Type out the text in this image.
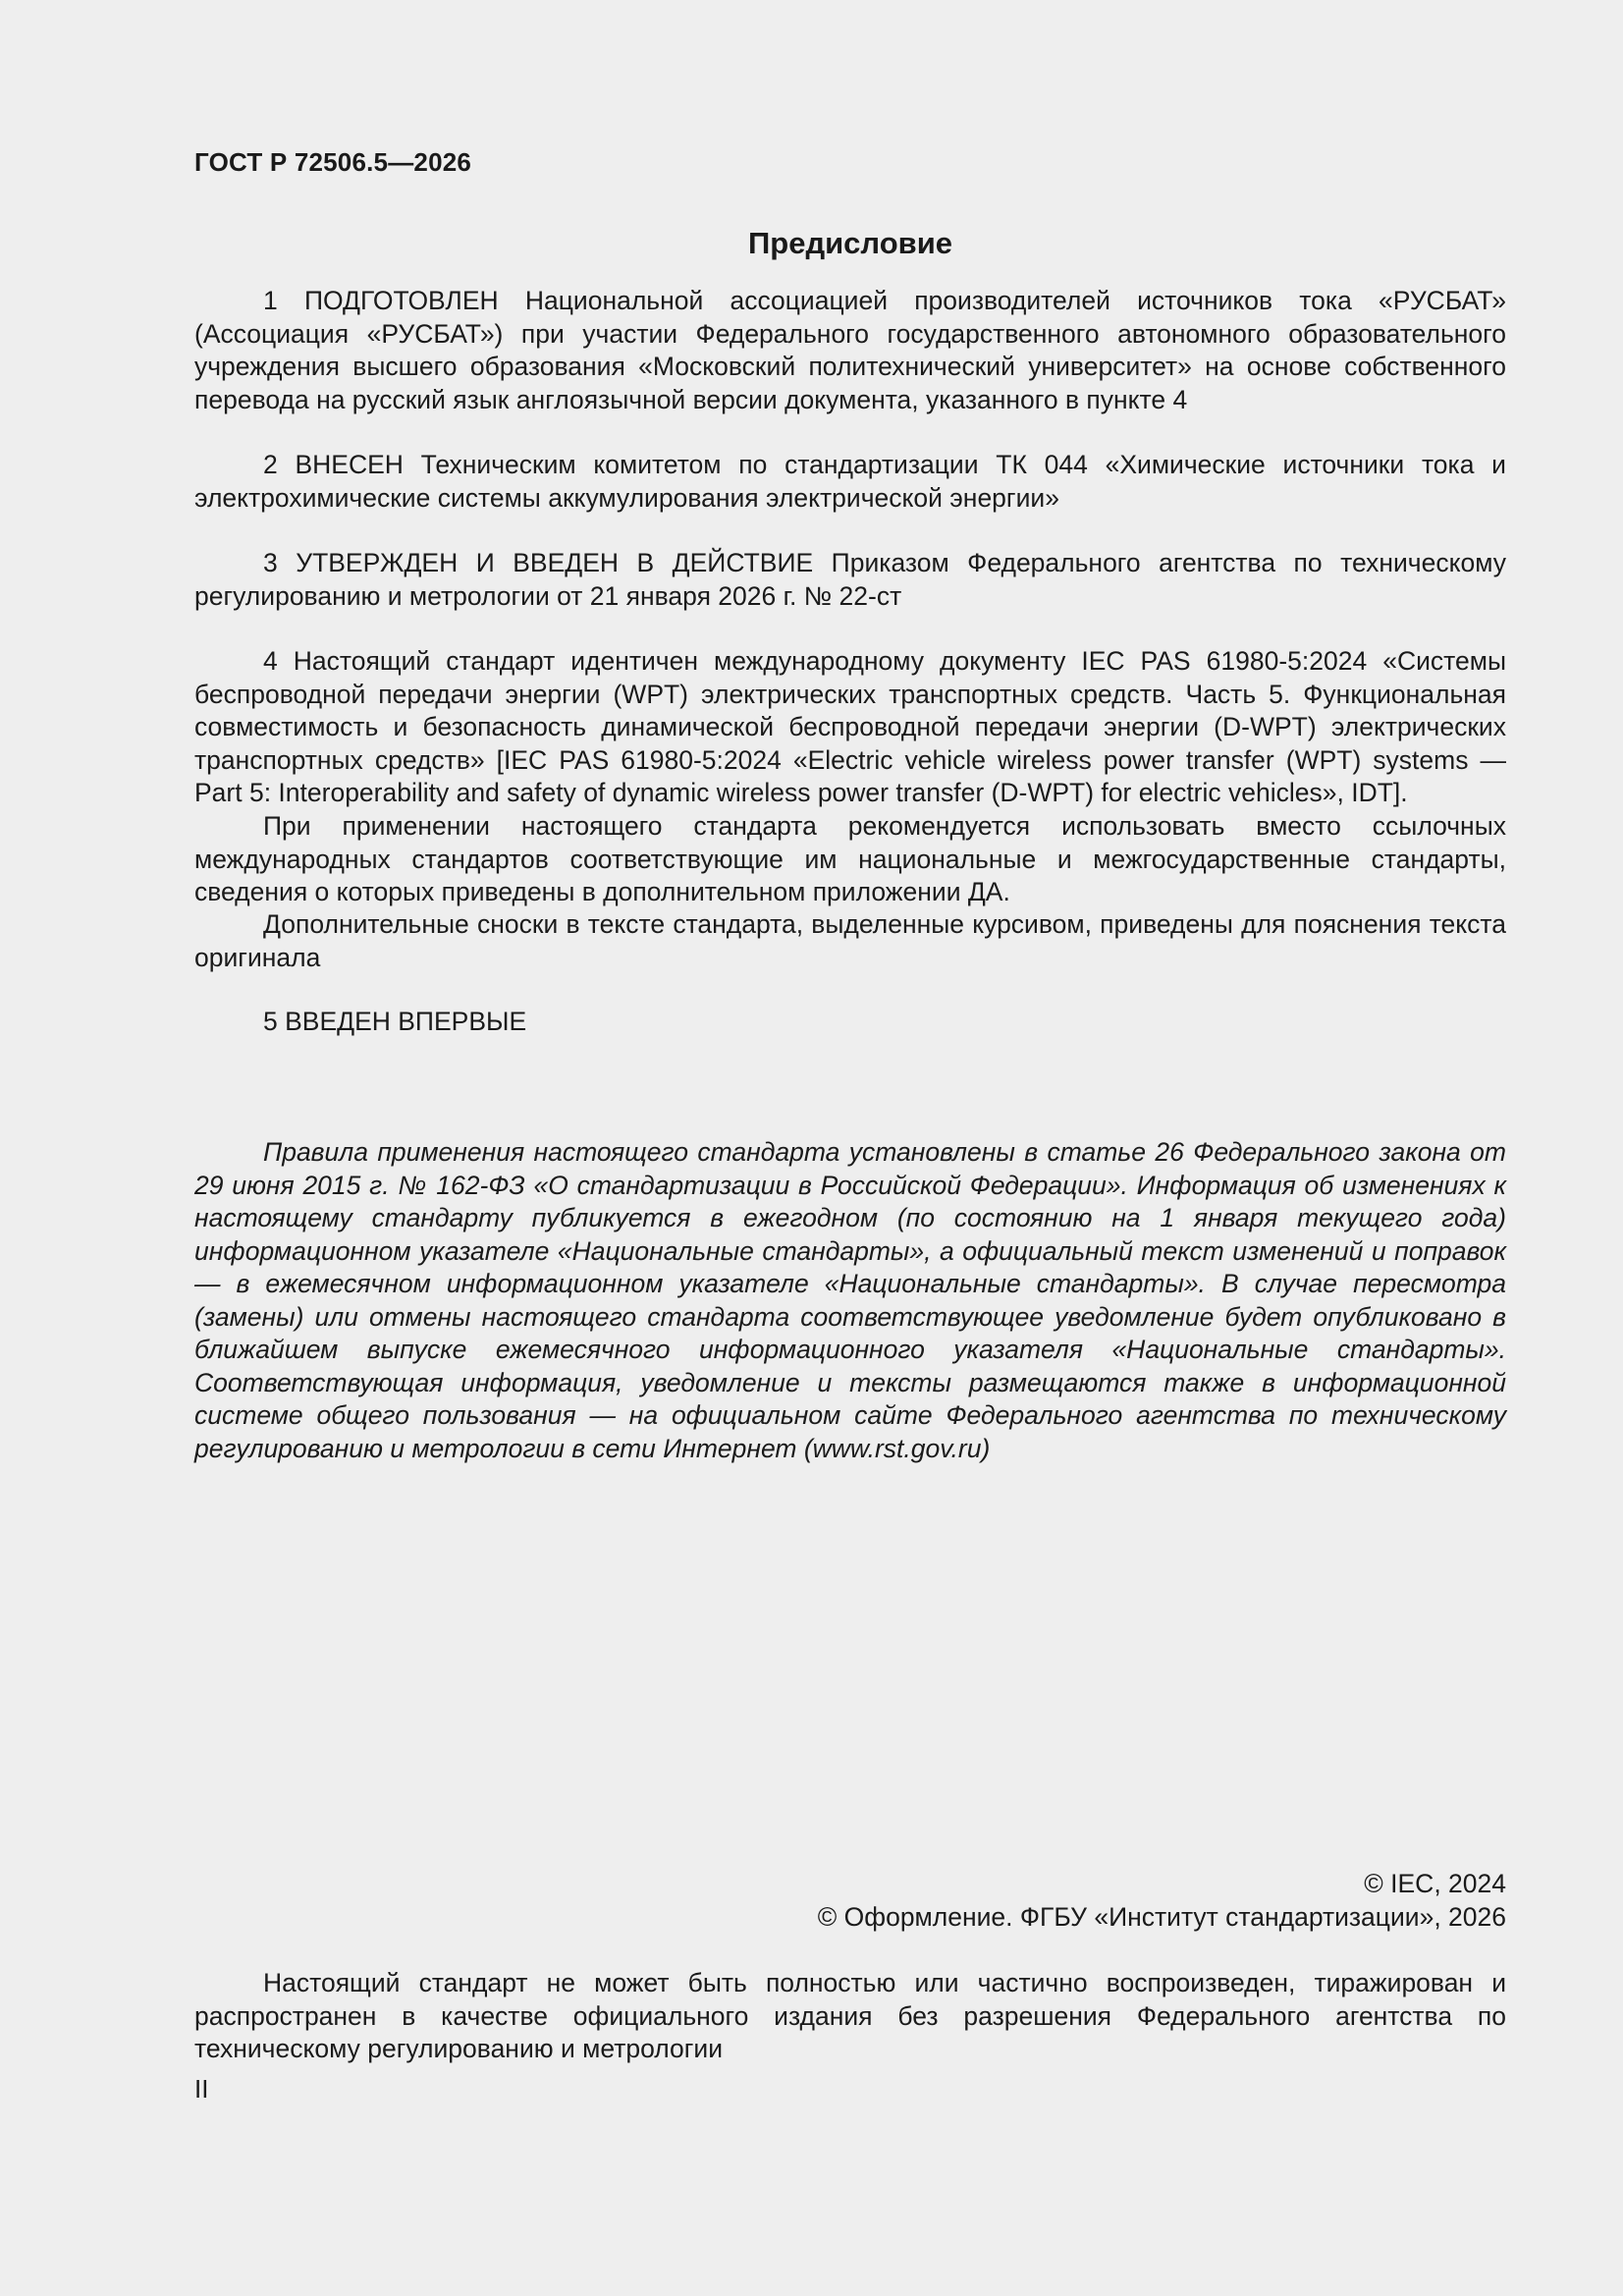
ГОСТ Р 72506.5—2026
Предисловие

1 ПОДГОТОВЛЕН Национальной ассоциацией производителей источников тока «РУСБАТ» (Ассоциация «РУСБАТ») при участии Федерального государственного автономного образовательного учреждения высшего образования «Московский политехнический университет» на основе собственного перевода на русский язык англоязычной версии документа, указанного в пункте 4

2 ВНЕСЕН Техническим комитетом по стандартизации ТК 044 «Химические источники тока и электрохимические системы аккумулирования электрической энергии»

3 УТВЕРЖДЕН И ВВЕДЕН В ДЕЙСТВИЕ Приказом Федерального агентства по техническому регулированию и метрологии от 21 января 2026 г. № 22-ст

4 Настоящий стандарт идентичен международному документу IEC PAS 61980-5:2024 «Системы беспроводной передачи энергии (WPT) электрических транспортных средств. Часть 5. Функциональная совместимость и безопасность динамической беспроводной передачи энергии (D-WPT) электрических транспортных средств» [IEC PAS 61980-5:2024 «Electric vehicle wireless power transfer (WPT) systems — Part 5: Interoperability and safety of dynamic wireless power transfer (D-WPT) for electric vehicles», IDT].

При применении настоящего стандарта рекомендуется использовать вместо ссылочных международных стандартов соответствующие им национальные и межгосударственные стандарты, сведения о которых приведены в дополнительном приложении ДА.

Дополнительные сноски в тексте стандарта, выделенные курсивом, приведены для пояснения текста оригинала

5 ВВЕДЕН ВПЕРВЫЕ

Правила применения настоящего стандарта установлены в статье 26 Федерального закона от 29 июня 2015 г. № 162-ФЗ «О стандартизации в Российской Федерации». Информация об изменениях к настоящему стандарту публикуется в ежегодном (по состоянию на 1 января текущего года) информационном указателе «Национальные стандарты», а официальный текст изменений и поправок — в ежемесячном информационном указателе «Национальные стандарты». В случае пересмотра (замены) или отмены настоящего стандарта соответствующее уведомление будет опубликовано в ближайшем выпуске ежемесячного информационного указателя «Национальные стандарты». Соответствующая информация, уведомление и тексты размещаются также в информационной системе общего пользования — на официальном сайте Федерального агентства по техническому регулированию и метрологии в сети Интернет (www.rst.gov.ru)

© IEC, 2024

© Оформление. ФГБУ «Институт стандартизации», 2026

Настоящий стандарт не может быть полностью или частично воспроизведен, тиражирован и распространен в качестве официального издания без разрешения Федерального агентства по техническому регулированию и метрологии

II
